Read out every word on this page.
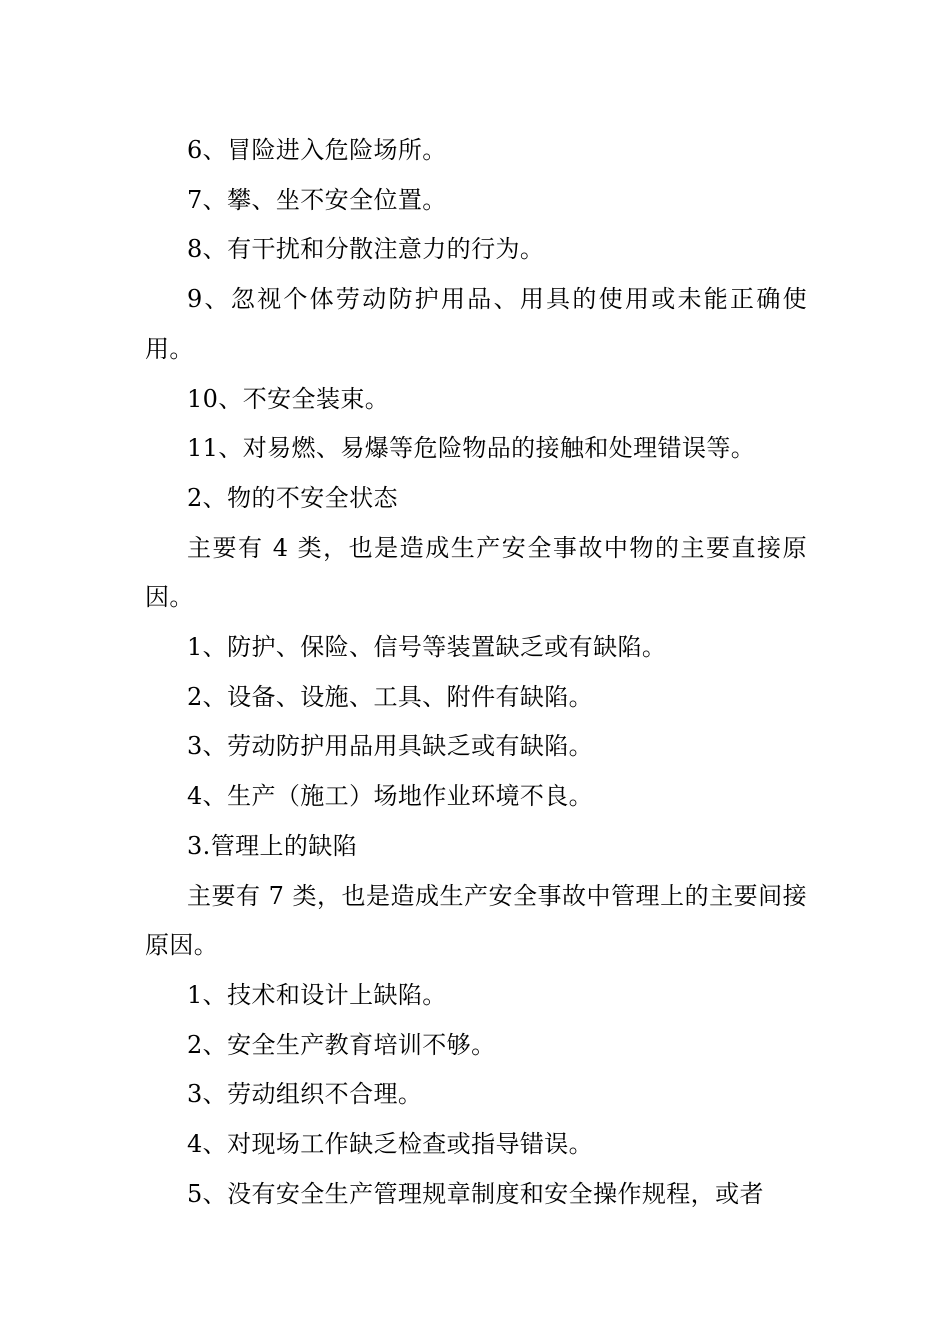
6、冒险进入危险场所。

7、攀、坐不安全位置。

8、有干扰和分散注意力的行为。

9、忽视个体劳动防护用品、用具的使用或未能正确使用。

10、不安全装束。

11、对易燃、易爆等危险物品的接触和处理错误等。

2、物的不安全状态

主要有 4 类，也是造成生产安全事故中物的主要直接原因。

1、防护、保险、信号等装置缺乏或有缺陷。

2、设备、设施、工具、附件有缺陷。

3、劳动防护用品用具缺乏或有缺陷。

4、生产（施工）场地作业环境不良。

3.管理上的缺陷

主要有 7 类，也是造成生产安全事故中管理上的主要间接原因。

1、技术和设计上缺陷。

2、安全生产教育培训不够。

3、劳动组织不合理。

4、对现场工作缺乏检查或指导错误。

5、没有安全生产管理规章制度和安全操作规程，或者
